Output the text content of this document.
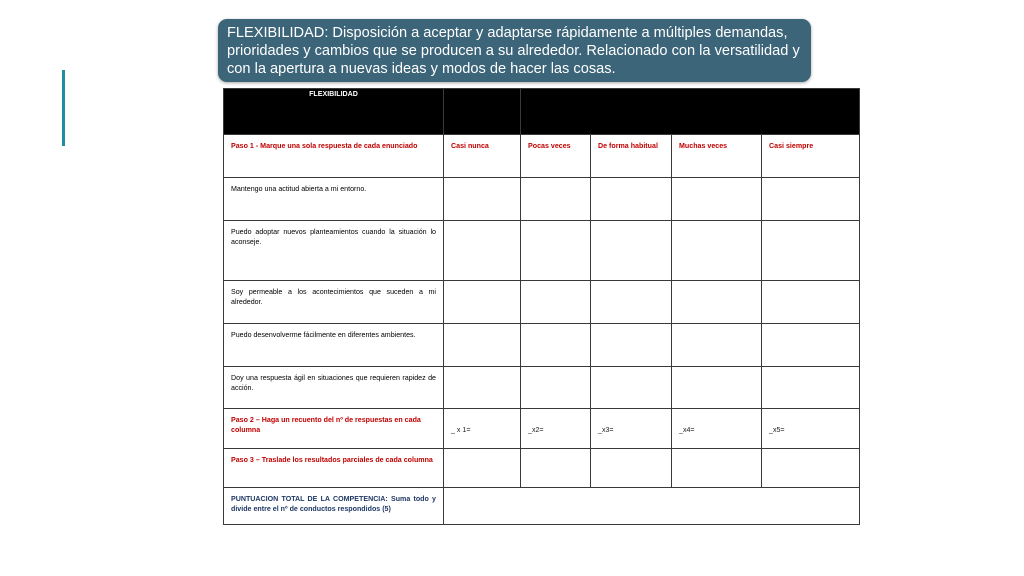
FLEXIBILIDAD: Disposición a aceptar y adaptarse rápidamente a múltiples demandas, prioridades y cambios que se producen a su alrededor. Relacionado con la versatilidad y con la apertura a nuevas ideas y modos de hacer las cosas.
FLEXIBILIDAD					

Paso 1 - Marque una sola respuesta de cada enunciado	Casi nunca	Pocas veces	De forma habitual	Muchas veces	Casi siempre

Mantengo una actitud abierta a mi entorno.					

Puedo adoptar nuevos planteamientos cuando la situación lo aconseje.					

Soy permeable a los acontecimientos que suceden a mi alrededor.					

Puedo desenvolverme fácilmente en diferentes ambientes.					

Doy una respuesta ágil en situaciones que requieren rapidez de acción.					

Paso 2 – Haga un recuento del nº de respuestas en cada columna	_ x 1=	_x2=	_x3=	_x4=	_x5=

Paso 3 – Traslade los resultados parciales de cada columna					

PUNTUACION TOTAL DE LA COMPETENCIA: Suma todo y divide entre el nº de conductos respondidos (5)					
